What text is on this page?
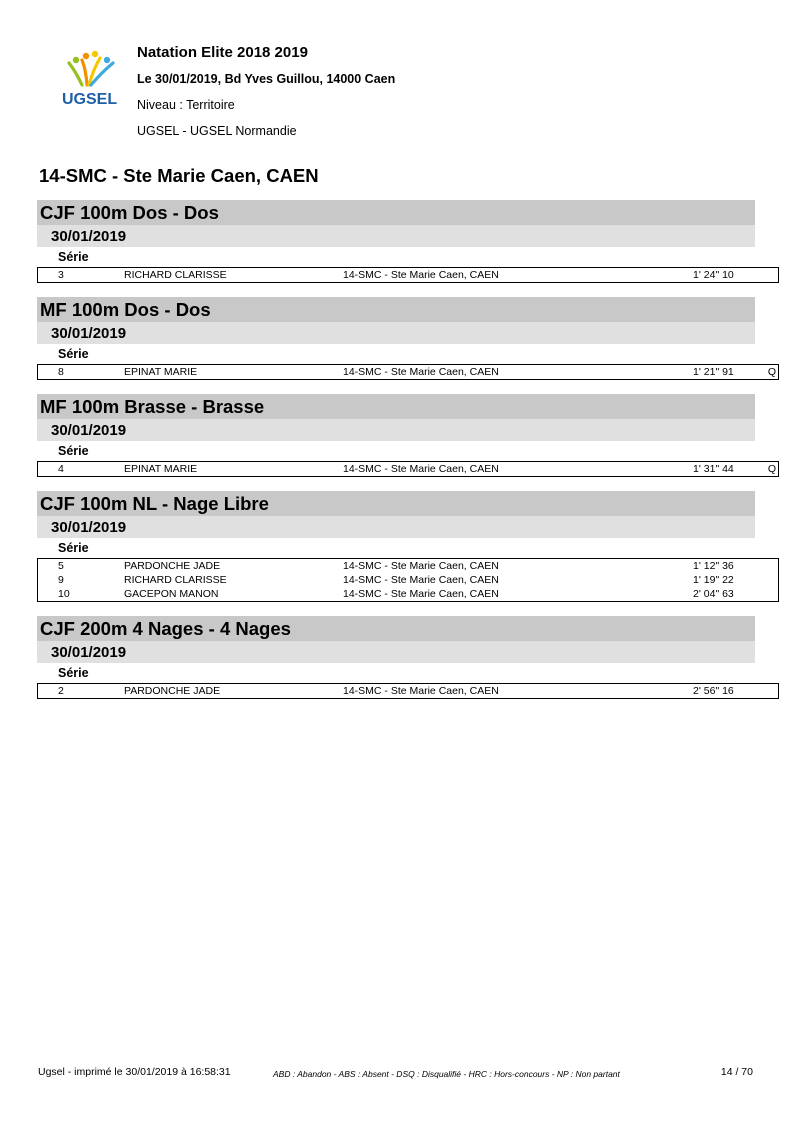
UGSEL
Natation Elite 2018 2019
Le 30/01/2019, Bd Yves Guillou, 14000 Caen
Niveau : Territoire
UGSEL - UGSEL Normandie
14-SMC - Ste Marie Caen, CAEN
CJF 100m Dos - Dos
30/01/2019
Série
3	RICHARD CLARISSE	14-SMC - Ste Marie Caen, CAEN	1' 24" 10	
MF 100m Dos - Dos
30/01/2019
Série
8	EPINAT MARIE	14-SMC - Ste Marie Caen, CAEN	1' 21" 91	Q
MF 100m Brasse - Brasse
30/01/2019
Série
4	EPINAT MARIE	14-SMC - Ste Marie Caen, CAEN	1' 31" 44	Q
CJF 100m NL - Nage Libre
30/01/2019
Série
5	PARDONCHE JADE	14-SMC - Ste Marie Caen, CAEN	1' 12" 36	
9	RICHARD CLARISSE	14-SMC - Ste Marie Caen, CAEN	1' 19" 22	
10	GACEPON MANON	14-SMC - Ste Marie Caen, CAEN	2' 04" 63	
CJF 200m 4 Nages - 4 Nages
30/01/2019
Série
2	PARDONCHE JADE	14-SMC - Ste Marie Caen, CAEN	2' 56" 16	
Ugsel - imprimé le 30/01/2019 à 16:58:31	ABD : Abandon - ABS : Absent - DSQ : Disqualifié - HRC : Hors-concours - NP : Non partant	14 / 70
